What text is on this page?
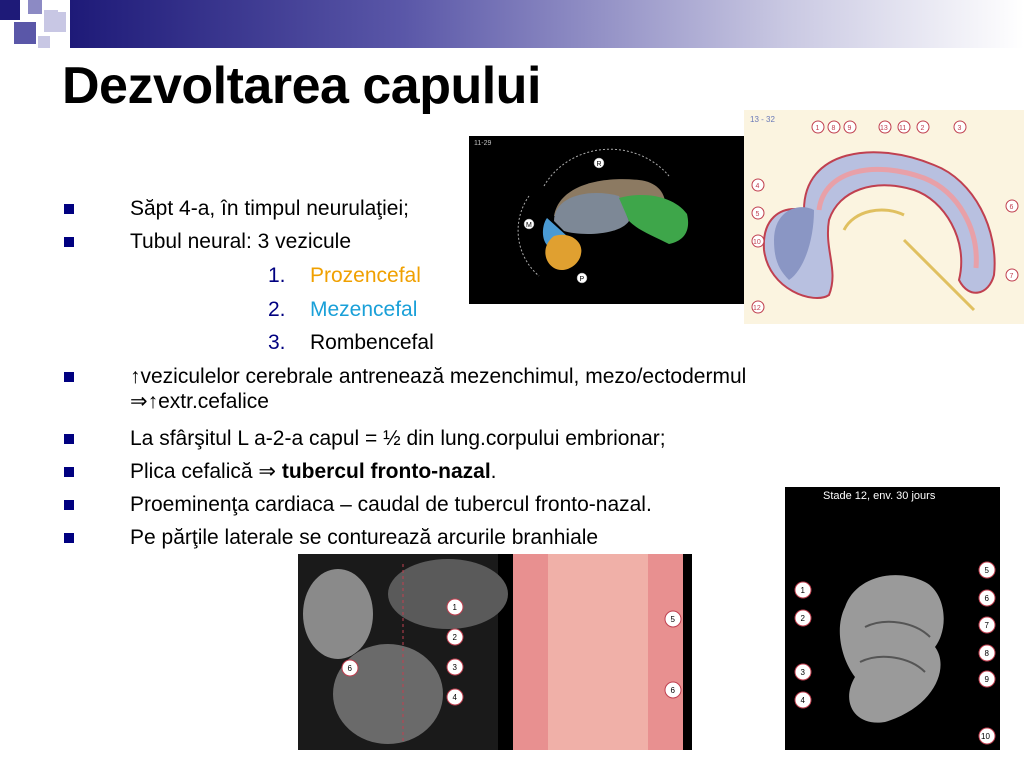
Dezvoltarea capului
Săpt 4-a, în timpul neurulaţiei;
Tubul neural: 3 vezicule
1. Prozencefal
2. Mezencefal
3. Rombencefal
↑veziculelor cerebrale antrenează mezenchimul, mezo/ectodermul
⇒↑extr.cefalice
La sfârşitul L a-2-a capul = ½ din lung.corpului embrionar;
Plica cefalică ⇒ tubercul fronto-nazal.
Proeminenţa cardiaca – caudal de tubercul fronto-nazal.
Pe părţile laterale se conturează arcurile branhiale
11-29
R
M
P
13 - 32
1 8 9	13 11 2	3
4
5
10
6
7
12
1
2
3
4
5
6
6
Stade 12, env. 30 jours
1
2
3
4
5
6
7
8
9
10
